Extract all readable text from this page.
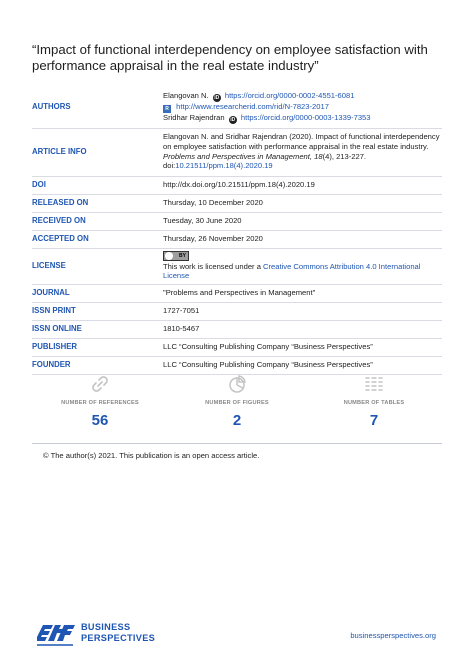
“Impact of functional interdependency on employee satisfaction with performance appraisal in the real estate industry”
AUTHORS	Elangovan N. iD https://orcid.org/0000-0002-4551-6081
R http://www.researcherid.com/rid/N-7823-2017
Sridhar Rajendran iD https://orcid.org/0000-0003-1339-7353

ARTICLE INFO	Elangovan N. and Sridhar Rajendran (2020). Impact of functional interdependency on employee satisfaction with performance appraisal in the real estate industry. Problems and Perspectives in Management, 18(4), 213-227.
doi:10.21511/ppm.18(4).2020.19
DOI	http://dx.doi.org/10.21511/ppm.18(4).2020.19
RELEASED ON	Thursday, 10 December 2020
RECEIVED ON	Tuesday, 30 June 2020
ACCEPTED ON	Thursday, 26 November 2020
LICENSE	BY
This work is licensed under a Creative Commons Attribution 4.0 International License
JOURNAL	"Problems and Perspectives in Management"
ISSN PRINT	1727-7051
ISSN ONLINE	1810-5467
PUBLISHER	LLC “Consulting Publishing Company “Business Perspectives”
FOUNDER	LLC “Consulting Publishing Company “Business Perspectives”
NUMBER OF REFERENCES
56
NUMBER OF FIGURES
2
NUMBER OF TABLES
7
© The author(s) 2021. This publication is an open access article.
BUSINESS
PERSPECTIVES	businessperspectives.org
